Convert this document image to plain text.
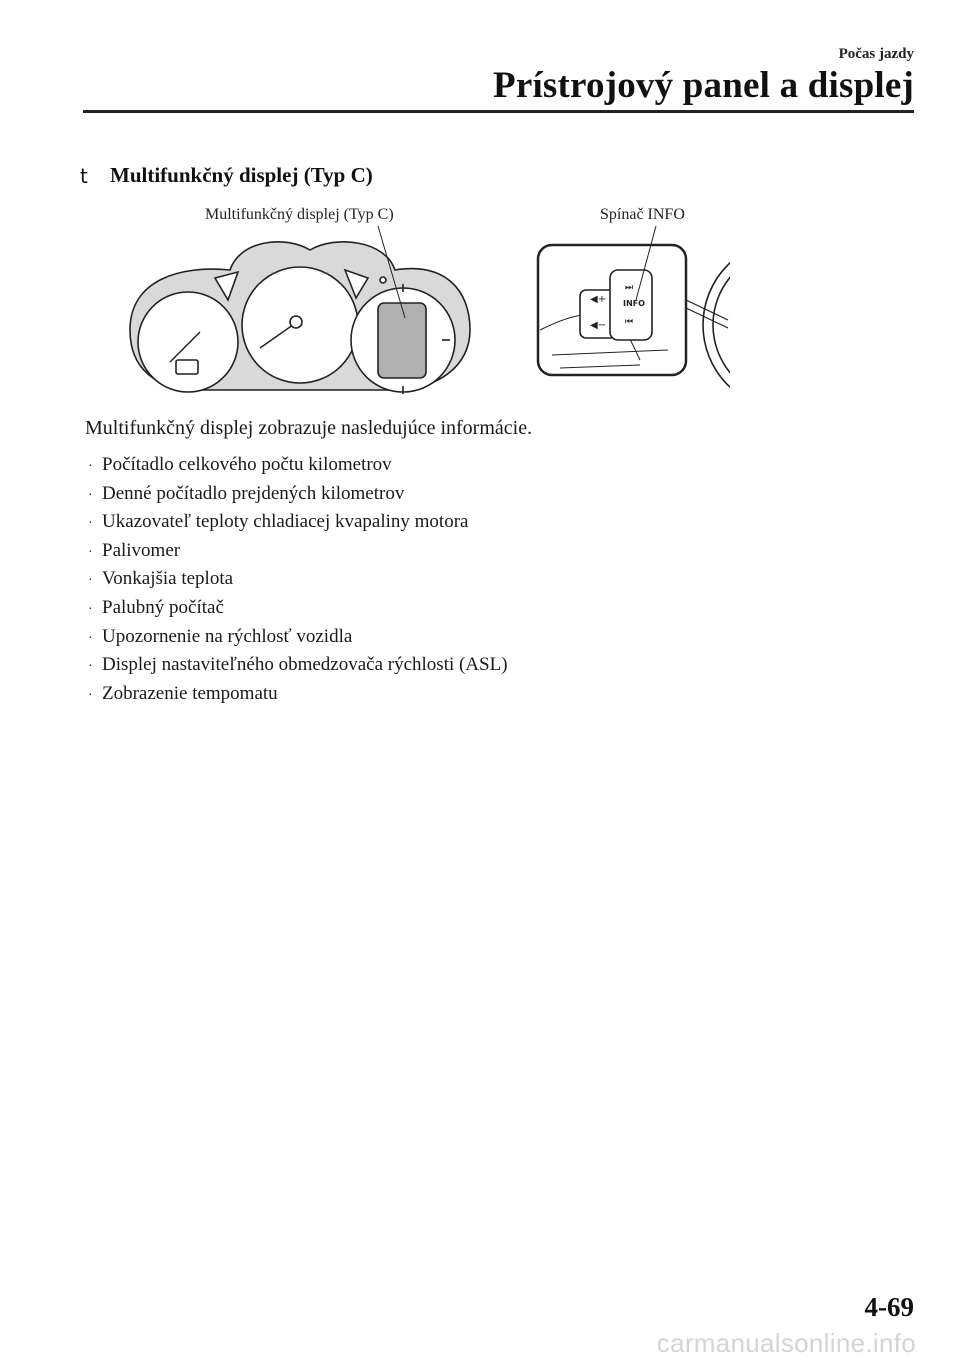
Počas jazdy
Prístrojový panel a displej
t	Multifunkčný displej (Typ C)
Multifunkčný displej (Typ C)	Spínač INFO
◀+
◀−
⏭
INFO
⏮
Multifunkčný displej zobrazuje nasledujúce informácie.
· Počítadlo celkového počtu kilometrov
· Denné počítadlo prejdených kilometrov
· Ukazovateľ teploty chladiacej kvapaliny motora
· Palivomer
· Vonkajšia teplota
· Palubný počítač
· Upozornenie na rýchlosť vozidla
· Displej nastaviteľného obmedzovača rýchlosti (ASL)
· Zobrazenie tempomatu
4-69
carmanualsonline.info
